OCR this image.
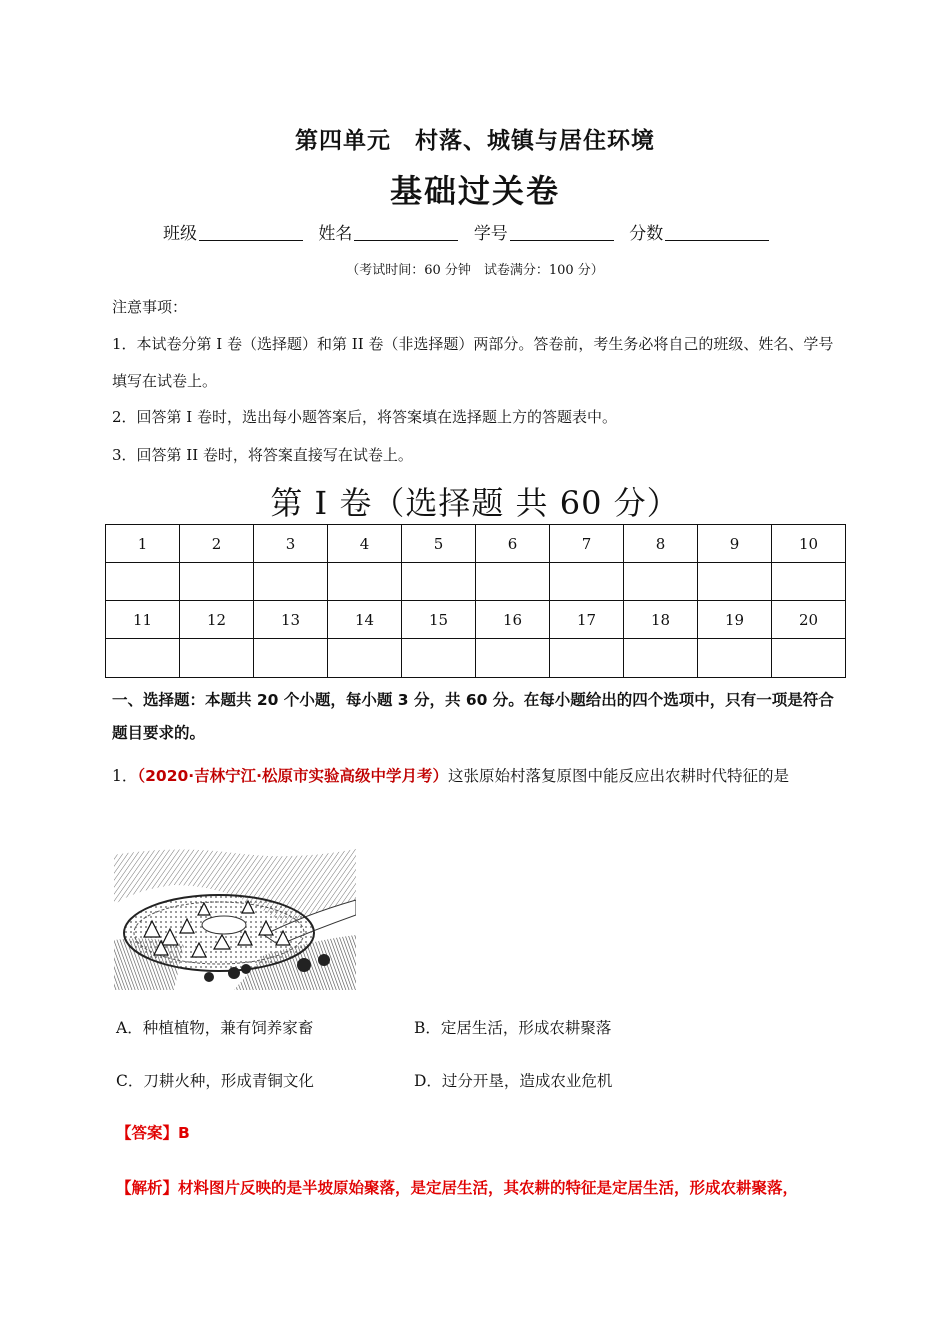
第四单元　村落、城镇与居住环境
基础过关卷
班级	姓名	学号	分数
（考试时间：60 分钟　试卷满分：100 分）
注意事项：
1．本试卷分第 I 卷（选择题）和第 II 卷（非选择题）两部分。答卷前，考生务必将自己的班级、姓名、学号填写在试卷上。
2．回答第 I 卷时，选出每小题答案后，将答案填在选择题上方的答题表中。
3．回答第 II 卷时，将答案直接写在试卷上。
第 I 卷（选择题 共 60 分）
1	2	3	4	5	6	7	8	9	10

11	12	13	14	15	16	17	18	19	20

一、选择题：本题共 20 个小题，每小题 3 分，共 60 分。在每小题给出的四个选项中，只有一项是符合题目要求的。
1．（2020·吉林宁江·松原市实验高级中学月考）这张原始村落复原图中能反应出农耕时代特征的是
A．种植植物，兼有饲养家畜	B．定居生活，形成农耕聚落
C．刀耕火种，形成青铜文化	D．过分开垦，造成农业危机
【答案】B
【解析】材料图片反映的是半坡原始聚落，是定居生活，其农耕的特征是定居生活，形成农耕聚落，
